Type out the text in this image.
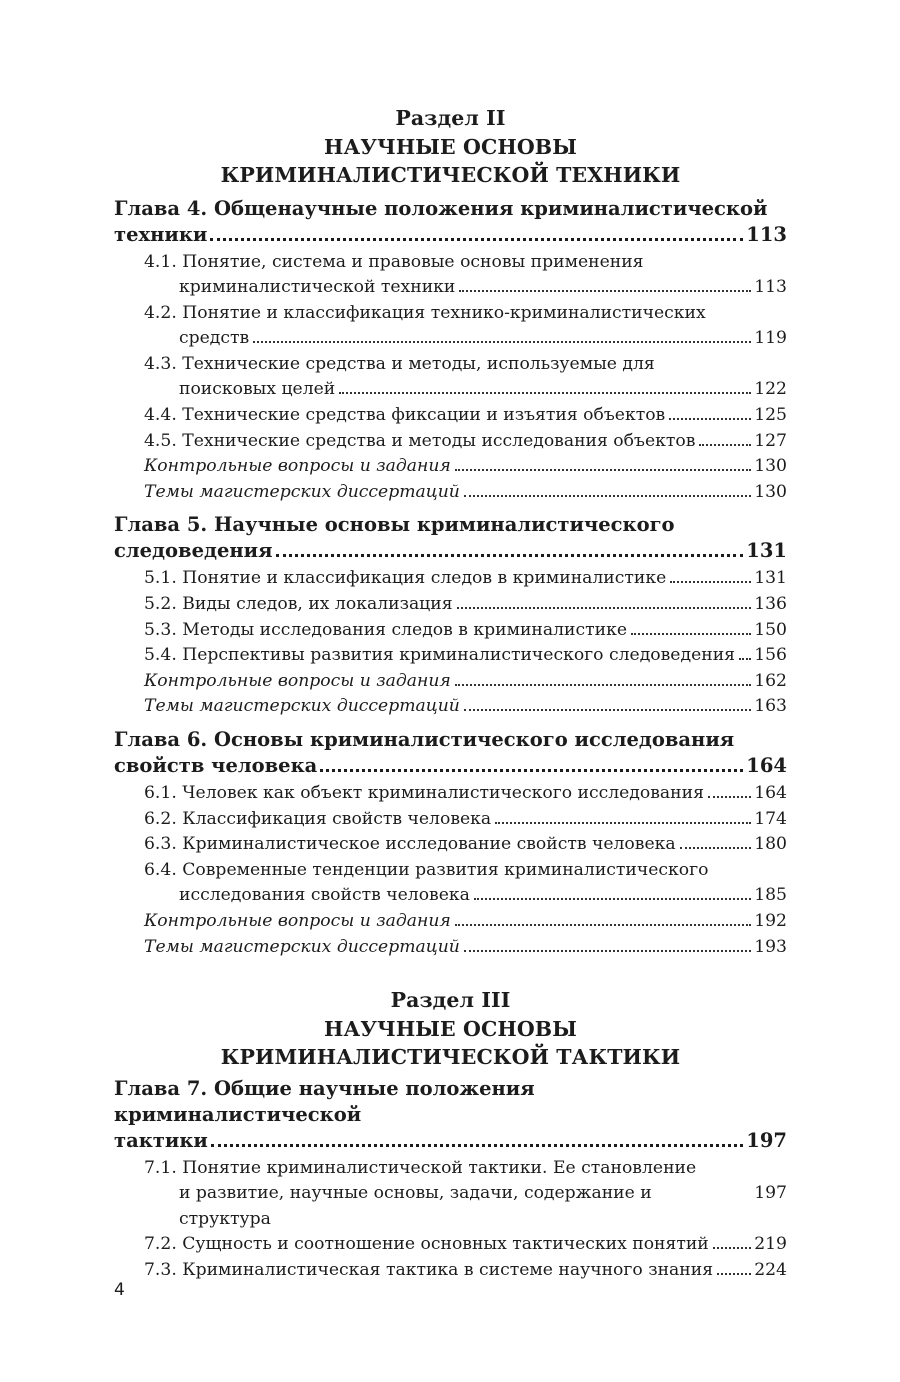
Раздел II
НАУЧНЫЕ ОСНОВЫ
КРИМИНАЛИСТИЧЕСКОЙ ТЕХНИКИ
Глава 4. Общенаучные положения криминалистической
техники	113
4.1. Понятие, система и правовые основы применения
криминалистической техники	113
4.2. Понятие и классификация технико-криминалистических
средств	119
4.3. Технические средства и методы, используемые для
поисковых целей	122
4.4. Технические средства фиксации и изъятия объектов	125
4.5. Технические средства и методы исследования объектов	127
Контрольные вопросы и задания	130
Темы магистерских диссертаций	130
Глава 5. Научные основы криминалистического
следоведения	131
5.1. Понятие и классификация следов в криминалистике	131
5.2. Виды следов, их локализация	136
5.3. Методы исследования следов в криминалистике	150
5.4. Перспективы развития криминалистического следоведения 156
Контрольные вопросы и задания	162
Темы магистерских диссертаций	163
Глава 6. Основы криминалистического исследования
свойств человека	164
6.1. Человек как объект криминалистического исследования	164
6.2. Классификация свойств человека	174
6.3. Криминалистическое исследование свойств человека	180
6.4. Современные тенденции развития криминалистического
исследования свойств человека	185
Контрольные вопросы и задания	192
Темы магистерских диссертаций	193
Раздел III
НАУЧНЫЕ ОСНОВЫ
КРИМИНАЛИСТИЧЕСКОЙ ТАКТИКИ
Глава 7. Общие научные положения криминалистической
тактики	197
7.1. Понятие криминалистической тактики. Ее становление
и развитие, научные основы, задачи, содержание и структура
197
7.2. Сущность и соотношение основных тактических понятий	219
7.3. Криминалистическая тактика в системе научного знания 224
4
